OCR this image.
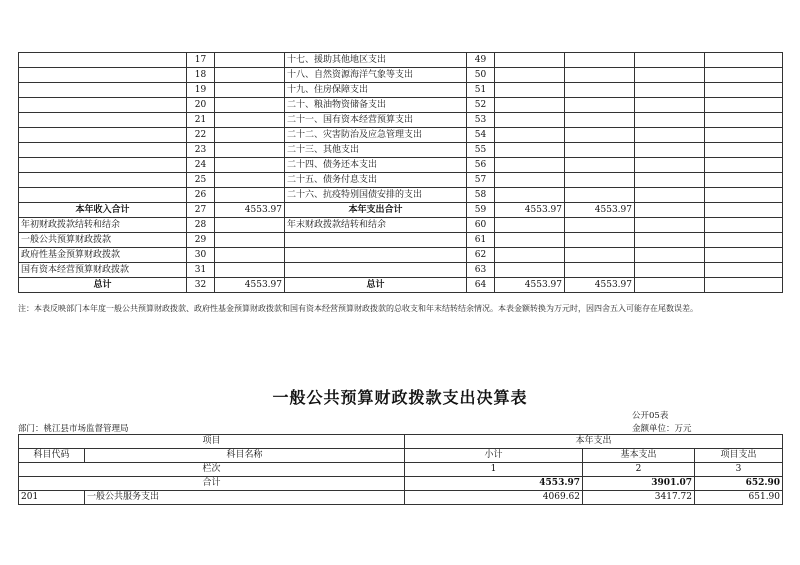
	17		十七、援助其他地区支出	49				
	18		十八、自然资源海洋气象等支出	50				
	19		十九、住房保障支出	51				
	20		二十、粮油物资储备支出	52				
	21		二十一、国有资本经营预算支出	53				
	22		二十二、灾害防治及应急管理支出	54				
	23		二十三、其他支出	55				
	24		二十四、债务还本支出	56				
	25		二十五、债务付息支出	57				
	26		二十六、抗疫特别国债安排的支出	58				
本年收入合计	27	4553.97	本年支出合计	59	4553.97	4553.97		
年初财政拨款结转和结余	28		年末财政拨款结转和结余	60				
一般公共预算财政拨款	29			61				
政府性基金预算财政拨款	30			62				
国有资本经营预算财政拨款	31			63				
总计	32	4553.97	总计	64	4553.97	4553.97		
注：本表反映部门本年度一般公共预算财政拨款、政府性基金预算财政拨款和国有资本经营预算财政拨款的总收支和年末结转结余情况。本表金额转换为万元时，因四舍五入可能存在尾数误差。
一般公共预算财政拨款支出决算表
公开05表
部门：桃江县市场监督管理局	金额单位：万元
项目		本年支出		
科目代码	科目名称	小计	基本支出	项目支出
栏次		1	2	3
合计		4553.97	3901.07	652.90
201	一般公共服务支出	4069.62	3417.72	651.90
